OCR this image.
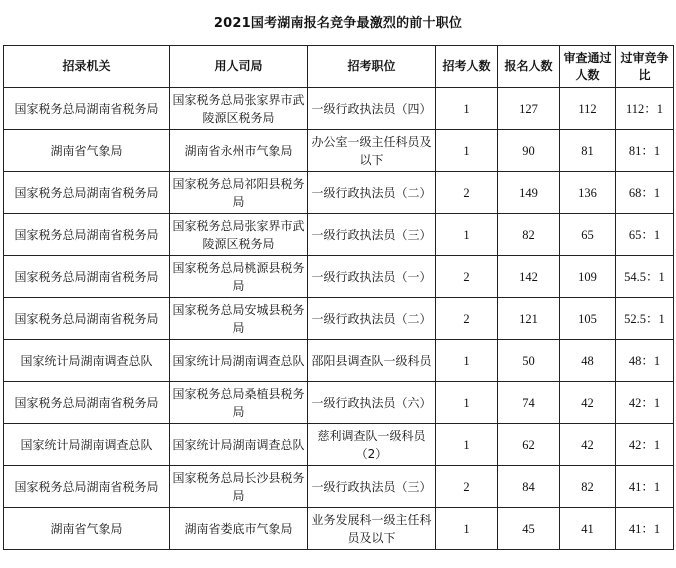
2021国考湖南报名竞争最激烈的前十职位
招录机关	用人司局	招考职位	招考人数	报名人数	审查通过人数	过审竞争比
国家税务总局湖南省税务局	国家税务总局张家界市武陵源区税务局	一级行政执法员（四）	1	127	112	112：1
湖南省气象局	湖南省永州市气象局	办公室一级主任科员及以下	1	90	81	81：1
国家税务总局湖南省税务局	国家税务总局祁阳县税务局	一级行政执法员（二）	2	149	136	68：1
国家税务总局湖南省税务局	国家税务总局张家界市武陵源区税务局	一级行政执法员（三）	1	82	65	65：1
国家税务总局湖南省税务局	国家税务总局桃源县税务局	一级行政执法员（一）	2	142	109	54.5：1
国家税务总局湖南省税务局	国家税务总局安城县税务局	一级行政执法员（二）	2	121	105	52.5：1
国家统计局湖南调查总队	国家统计局湖南调查总队	邵阳县调查队一级科员	1	50	48	48：1
国家税务总局湖南省税务局	国家税务总局桑植县税务局	一级行政执法员（六）	1	74	42	42：1
国家统计局湖南调查总队	国家统计局湖南调查总队	慈利调查队一级科员（2）	1	62	42	42：1
国家税务总局湖南省税务局	国家税务总局长沙县税务局	一级行政执法员（三）	2	84	82	41：1
湖南省气象局	湖南省娄底市气象局	业务发展科一级主任科员及以下	1	45	41	41：1
